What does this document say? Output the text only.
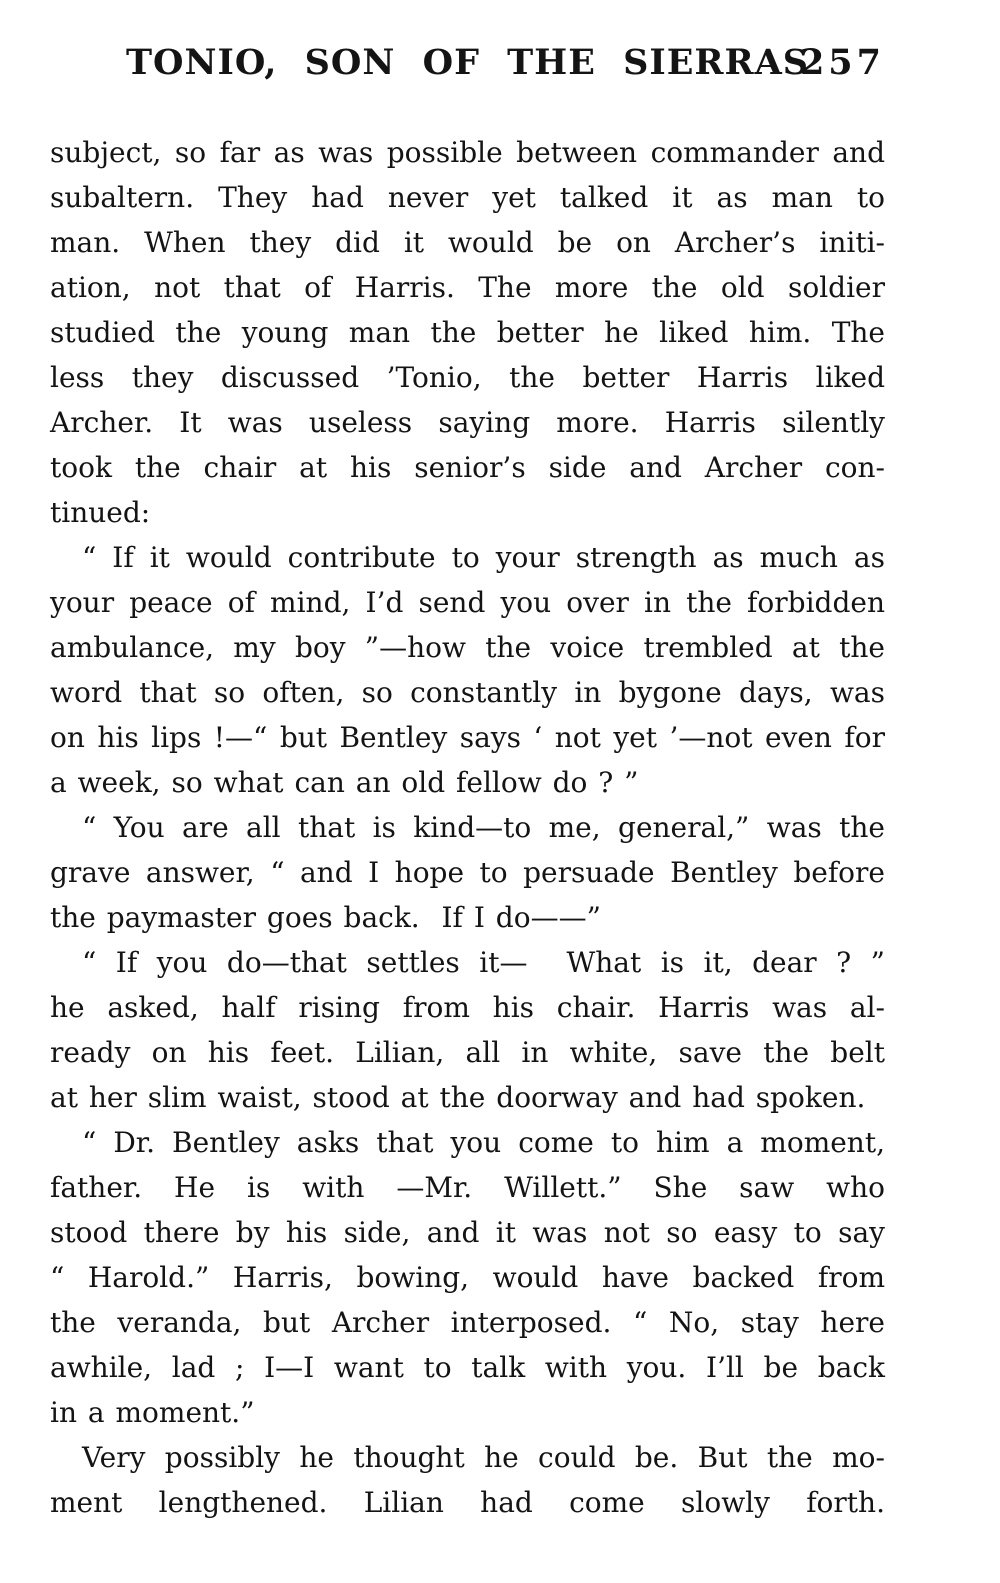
TONIO, SON OF THE SIERRAS
257
subject, so far as was possible between commander and
subaltern. They had never yet talked it as man to
man. When they did it would be on Archer’s initi-
ation, not that of Harris. The more the old soldier
studied the young man the better he liked him. The
less they discussed ’Tonio, the better Harris liked
Archer. It was useless saying more. Harris silently
took the chair at his senior’s side and Archer con-
tinued:
“ If it would contribute to your strength as much as
your peace of mind, I’d send you over in the forbidden
ambulance, my boy ”—how the voice trembled at the
word that so often, so constantly in bygone days, was
on his lips !—“ but Bentley says ‘ not yet ’—not even for
a week, so what can an old fellow do ? ”
“ You are all that is kind—to me, general,” was the
grave answer, “ and I hope to persuade Bentley before
the paymaster goes back.  If I do——”
“ If you do—that settles it—  What is it, dear ? ”
he asked, half rising from his chair. Harris was al-
ready on his feet. Lilian, all in white, save the belt
at her slim waist, stood at the doorway and had spoken.
“ Dr. Bentley asks that you come to him a moment,
father. He is with —Mr. Willett.” She saw who
stood there by his side, and it was not so easy to say
“ Harold.” Harris, bowing, would have backed from
the veranda, but Archer interposed. “ No, stay here
awhile, lad ; I—I want to talk with you. I’ll be back
in a moment.”
Very possibly he thought he could be. But the mo-
ment lengthened. Lilian had come slowly forth.
